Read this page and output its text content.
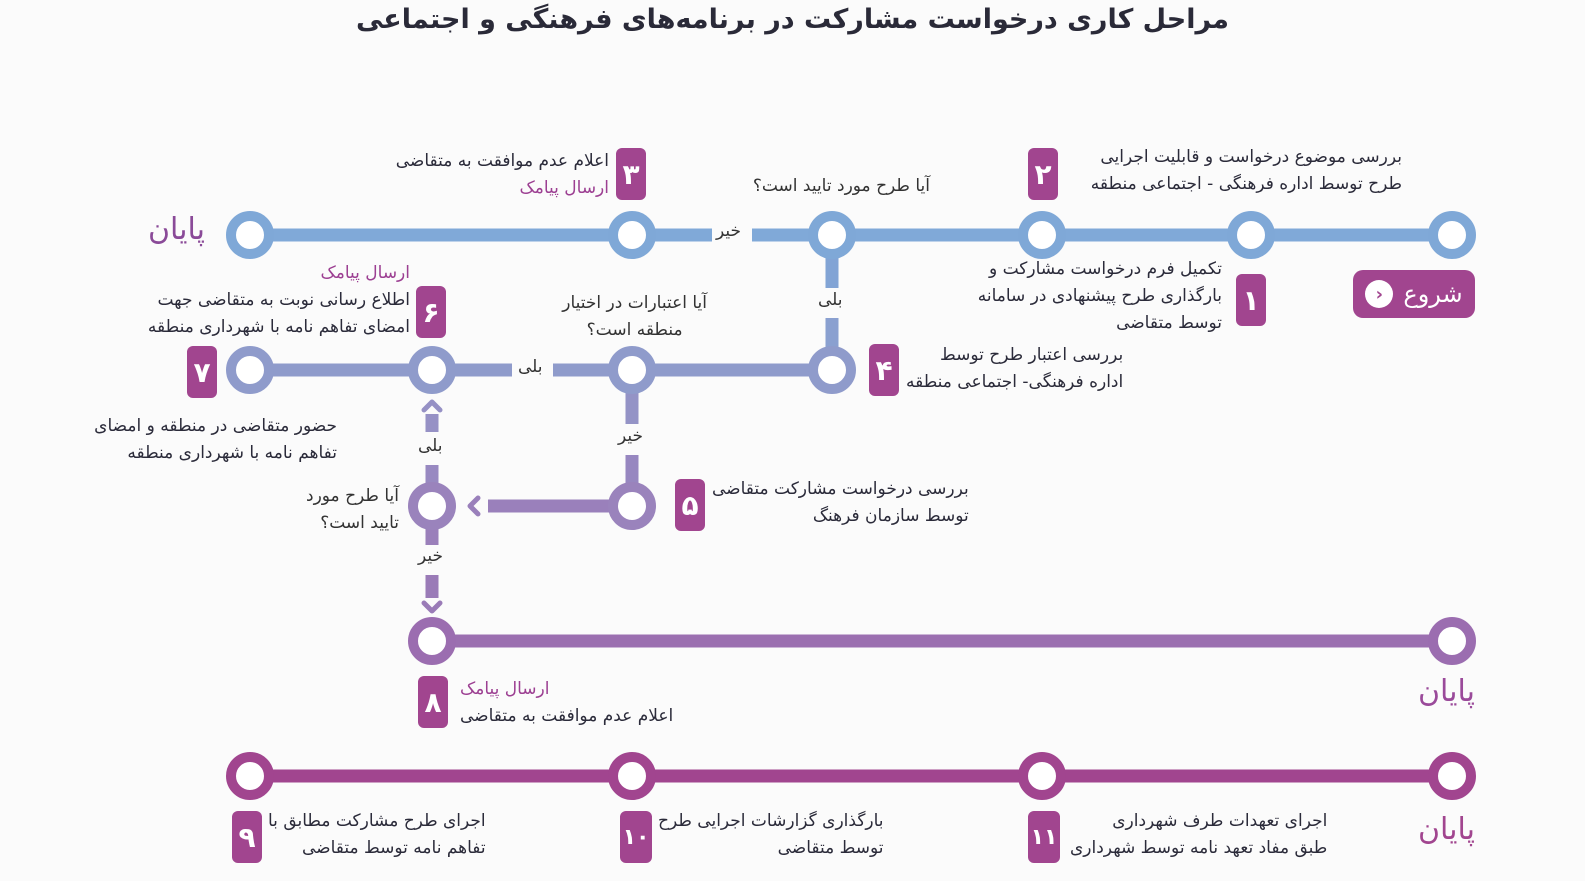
مراحل کاری درخواست مشارکت در برنامه‌های فرهنگی و اجتماعی
شروع
‹
پایان
پایان
پایان
۱
تکمیل فرم درخواست مشارکت و
بارگذاری طرح پیشنهادی در سامانه
توسط متقاضی
۲
بررسی موضوع درخواست و قابلیت اجرایی
طرح توسط اداره فرهنگی - اجتماعی منطقه
۳
اعلام عدم موافقت به متقاضی
ارسال پیامک	آیا طرح مورد تایید است؟
خیر
بلی
۴	بررسی اعتبار طرح توسط
اداره فرهنگی- اجتماعی منطقه
آیا اعتبارات در اختیار
منطقه است؟
بلی
خیر
۵ بررسی درخواست مشارکت متقاضی
توسط سازمان فرهنگ
آیا طرح مورد
تایید است؟
بلی
خیر
۶
ارسال پیامک
اطلاع رسانی نوبت به متقاضی جهت
امضای تفاهم نامه با شهرداری منطقه
۷
حضور متقاضی در منطقه و امضای
تفاهم نامه با شهرداری منطقه
۸	ارسال پیامک
اعلام عدم موافقت به متقاضی
۹ اجرای طرح مشارکت مطابق با
تفاهم نامه توسط متقاضی	۱۰
بارگذاری گزارشات اجرایی طرح
توسط متقاضی	۱۱
اجرای تعهدات طرف شهرداری
طبق مفاد تعهد نامه توسط شهرداری
